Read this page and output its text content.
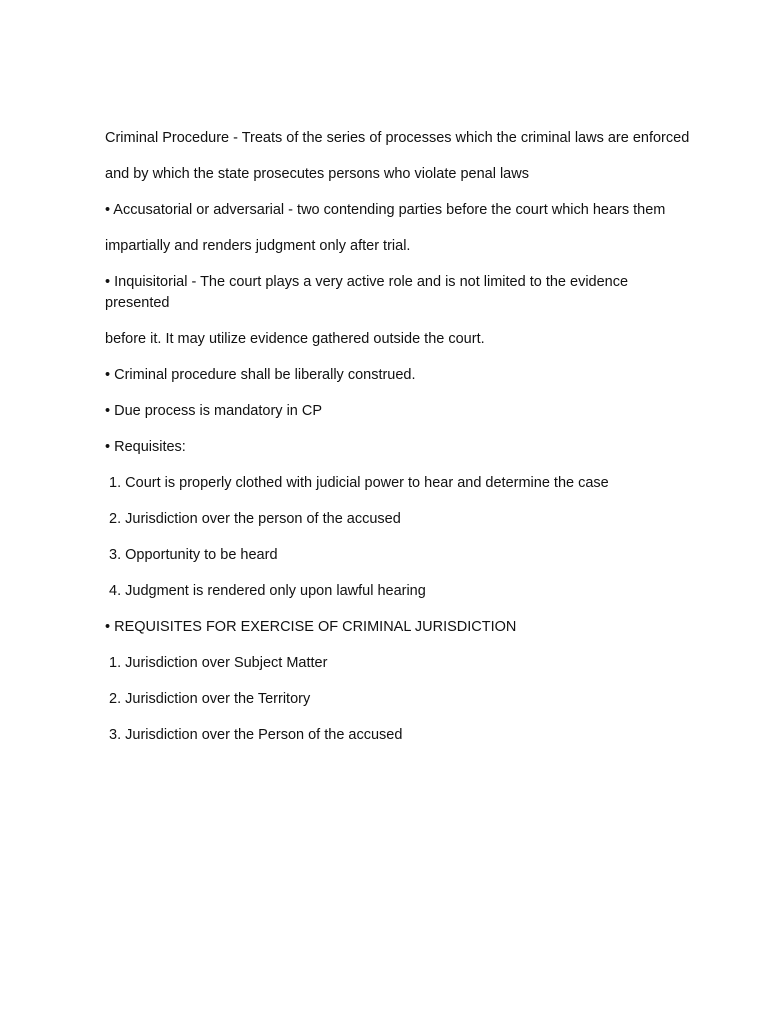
Criminal Procedure - Treats of the series of processes which the criminal laws are enforced

and by which the state prosecutes persons who violate penal laws

• Accusatorial or adversarial - two contending parties before the court which hears them

impartially and renders judgment only after trial.

• Inquisitorial - The court plays a very active role and is not limited to the evidence presented

before it. It may utilize evidence gathered outside the court.

• Criminal procedure shall be liberally construed.

• Due process is mandatory in CP

• Requisites:

1. Court is properly clothed with judicial power to hear and determine the case

2. Jurisdiction over the person of the accused

3. Opportunity to be heard

4. Judgment is rendered only upon lawful hearing

• REQUISITES FOR EXERCISE OF CRIMINAL JURISDICTION

1. Jurisdiction over Subject Matter

2. Jurisdiction over the Territory

3. Jurisdiction over the Person of the accused
